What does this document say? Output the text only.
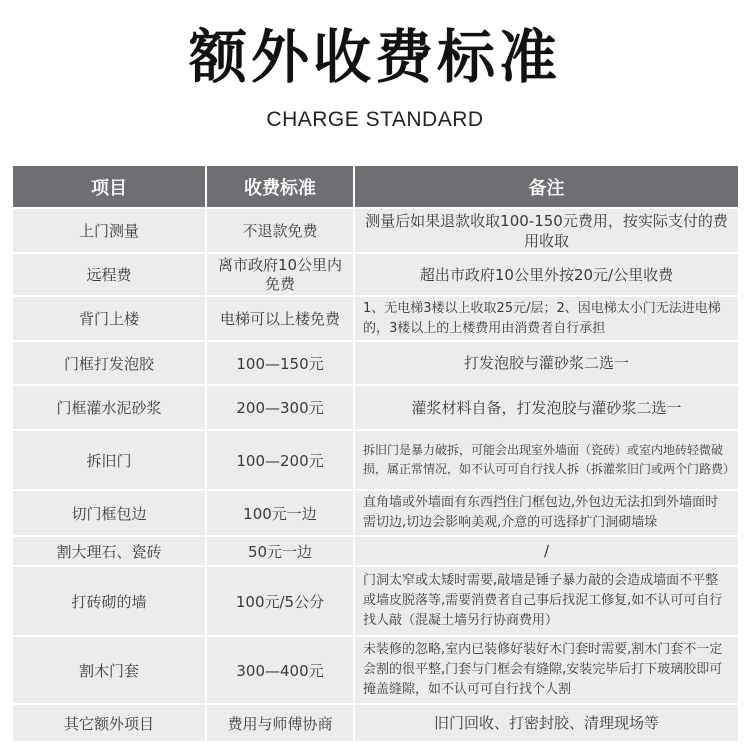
额外收费标准
CHARGE STANDARD
项目	收费标准	备注
上门测量	不退款免费	测量后如果退款收取100-150元费用，按实际支付的费用收取
远程费	离市政府10公里内免费	超出市政府10公里外按20元/公里收费
背门上楼	电梯可以上楼免费	1、无电梯3楼以上收取25元/层；2、因电梯太小门无法进电梯的，3楼以上的上楼费用由消费者自行承担
门框打发泡胶	100—150元	打发泡胶与灌砂浆二选一
门框灌水泥砂浆	200—300元	灌浆材料自备，打发泡胶与灌砂浆二选一
拆旧门	100—200元	拆旧门是暴力破拆，可能会出现室外墙面（瓷砖）或室内地砖轻微破损，属正常情况，如不认可可自行找人拆（拆灌浆旧门或两个门路费）
切门框包边	100元一边	直角墙或外墙面有东西挡住门框包边,外包边无法扣到外墙面时需切边,切边会影响美观,介意的可选择扩门洞砌墙垛
割大理石、瓷砖	50元一边	/
打砖砌的墙	100元/5公分	门洞太窄或太矮时需要,敲墙是锤子暴力敲的会造成墙面不平整或墙皮脱落等,需要消费者自己事后找泥工修复,如不认可可自行找人敲（混凝土墙另行协商费用）
割木门套	300—400元	未装修的忽略,室内已装修好装好木门套时需要,割木门套不一定会割的很平整,门套与门框会有缝隙,安装完毕后打下玻璃胶即可掩盖缝隙，如不认可可自行找个人割
其它额外项目	费用与师傅协商	旧门回收、打密封胶、清理现场等
